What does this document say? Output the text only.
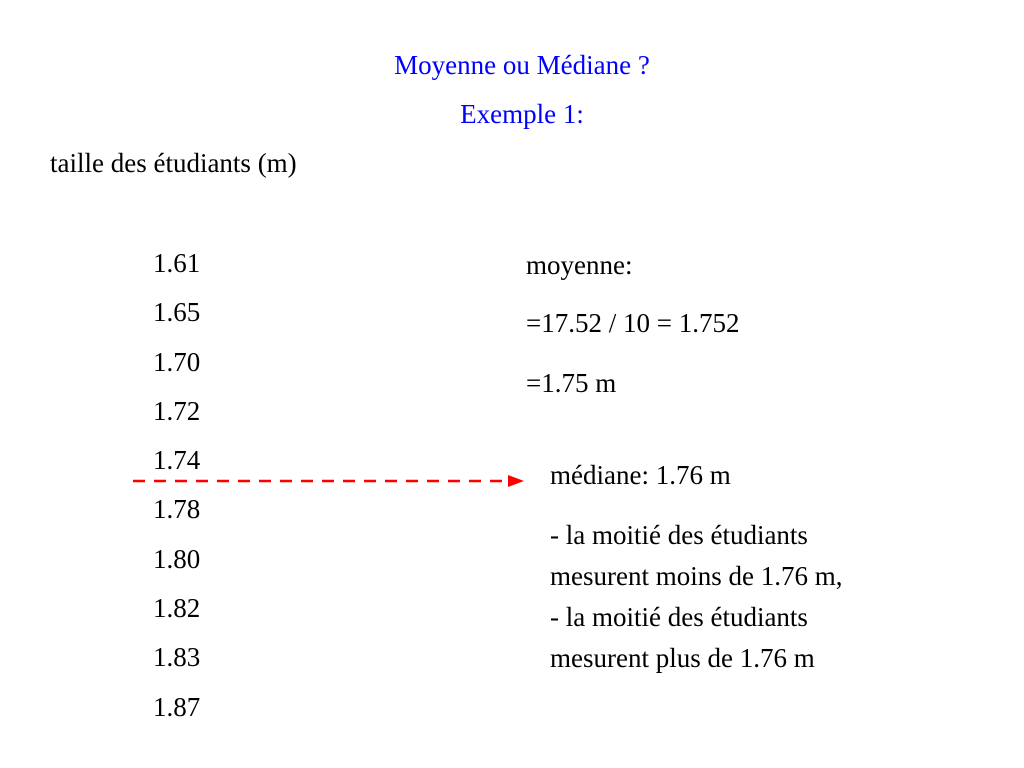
Moyenne ou Médiane ?
Exemple 1:
taille des étudiants (m)
1.61
1.65
1.70
1.72
1.74
1.78
1.80
1.82
1.83
1.87
moyenne:
=17.52 / 10 = 1.752
=1.75 m
médiane: 1.76 m
- la moitié des étudiants
mesurent moins de 1.76 m,
- la moitié des étudiants
mesurent plus de 1.76 m
